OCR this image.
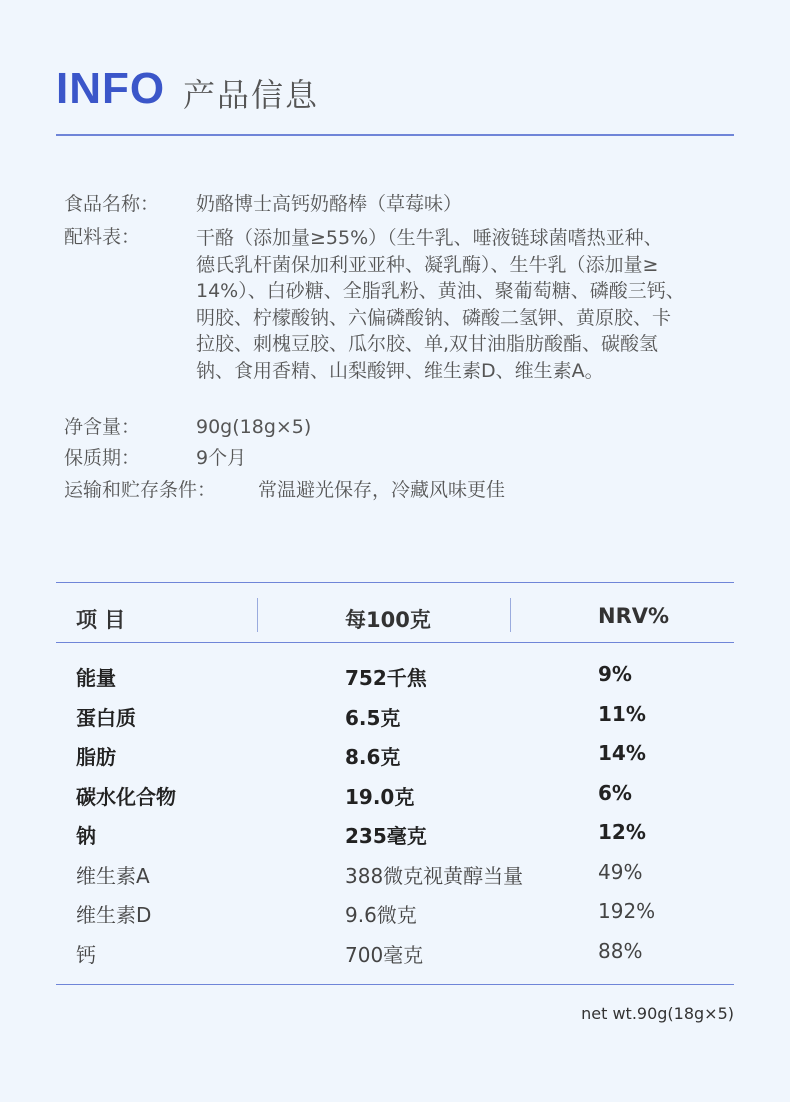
INFO 产品信息
食品名称： 奶酪博士高钙奶酪棒（草莓味）
配料表：	干酪（添加量≥55%）（生牛乳、唾液链球菌嗜热亚种、
德氏乳杆菌保加利亚亚种、凝乳酶）、生牛乳（添加量≥
14%）、白砂糖、全脂乳粉、黄油、聚葡萄糖、磷酸三钙、
明胶、柠檬酸钠、六偏磷酸钠、磷酸二氢钾、黄原胶、卡
拉胶、刺槐豆胶、瓜尔胶、单,双甘油脂肪酸酯、碳酸氢
钠、食用香精、山梨酸钾、维生素D、维生素A。
净含量：	90g(18g×5)
保质期：	9个月
运输和贮存条件： 常温避光保存，冷藏风味更佳
项 目	每100克	NRV%
能量	752千焦	9%
蛋白质	6.5克	11%
脂肪	8.6克	14%
碳水化合物	19.0克	6%
钠	235毫克	12%
维生素A	388微克视黄醇当量	49%
维生素D	9.6微克	192%
钙	700毫克	88%
net wt.90g(18g×5)
